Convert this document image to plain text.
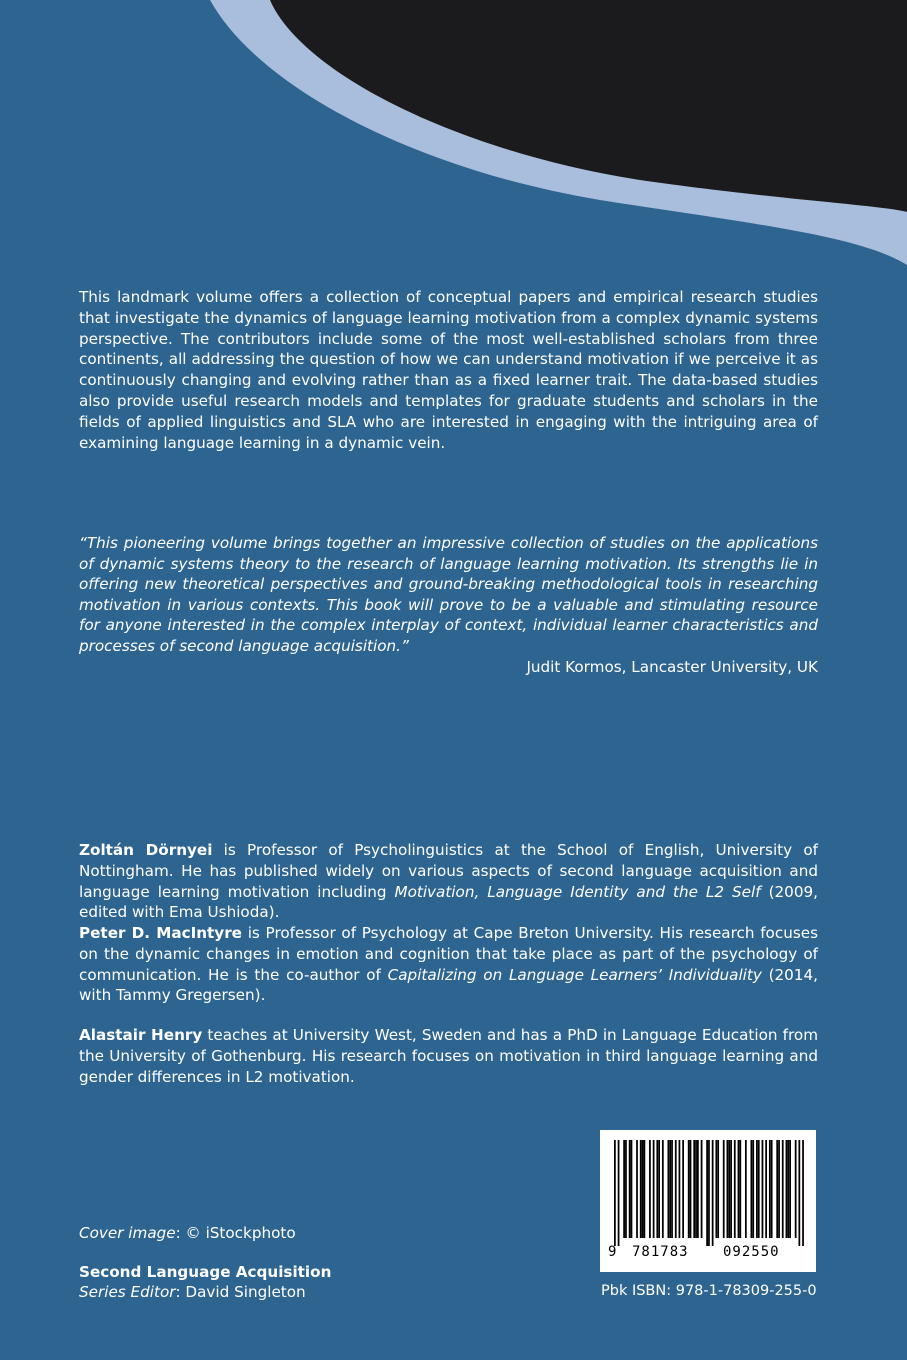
This landmark volume offers a collection of conceptual papers and empirical research studies that investigate the dynamics of language learning motivation from a complex dynamic systems perspective. The contributors include some of the most well-established scholars from three continents, all addressing the question of how we can understand motivation if we perceive it as continuously changing and evolving rather than as a fixed learner trait. The data-based studies also provide useful research models and templates for graduate students and scholars in the fields of applied linguistics and SLA who are interested in engaging with the intriguing area of examining language learning in a dynamic vein.

“This pioneering volume brings together an impressive collection of studies on the applications of dynamic systems theory to the research of language learning motivation. Its strengths lie in offering new theoretical perspectives and ground-breaking methodological tools in researching motivation in various contexts. This book will prove to be a valuable and stimulating resource for anyone interested in the complex interplay of context, individual learner characteristics and processes of second language acquisition.”
Judit Kormos, Lancaster University, UK

Zoltán Dörnyei is Professor of Psycholinguistics at the School of English, University of Nottingham. He has published widely on various aspects of second language acquisition and language learning motivation including Motivation, Language Identity and the L2 Self (2009, edited with Ema Ushioda).

Peter D. MacIntyre is Professor of Psychology at Cape Breton University. His research focuses on the dynamic changes in emotion and cognition that take place as part of the psychology of communication. He is the co-author of Capitalizing on Language Learners’ Individuality (2014, with Tammy Gregersen).

Alastair Henry teaches at University West, Sweden and has a PhD in Language Education from the University of Gothenburg. His research focuses on motivation in third language learning and gender differences in L2 motivation.

Cover image: © iStockphoto
Second Language Acquisition
Series Editor: David Singleton
9 781783 092550
Pbk ISBN: 978-1-78309-255-0
